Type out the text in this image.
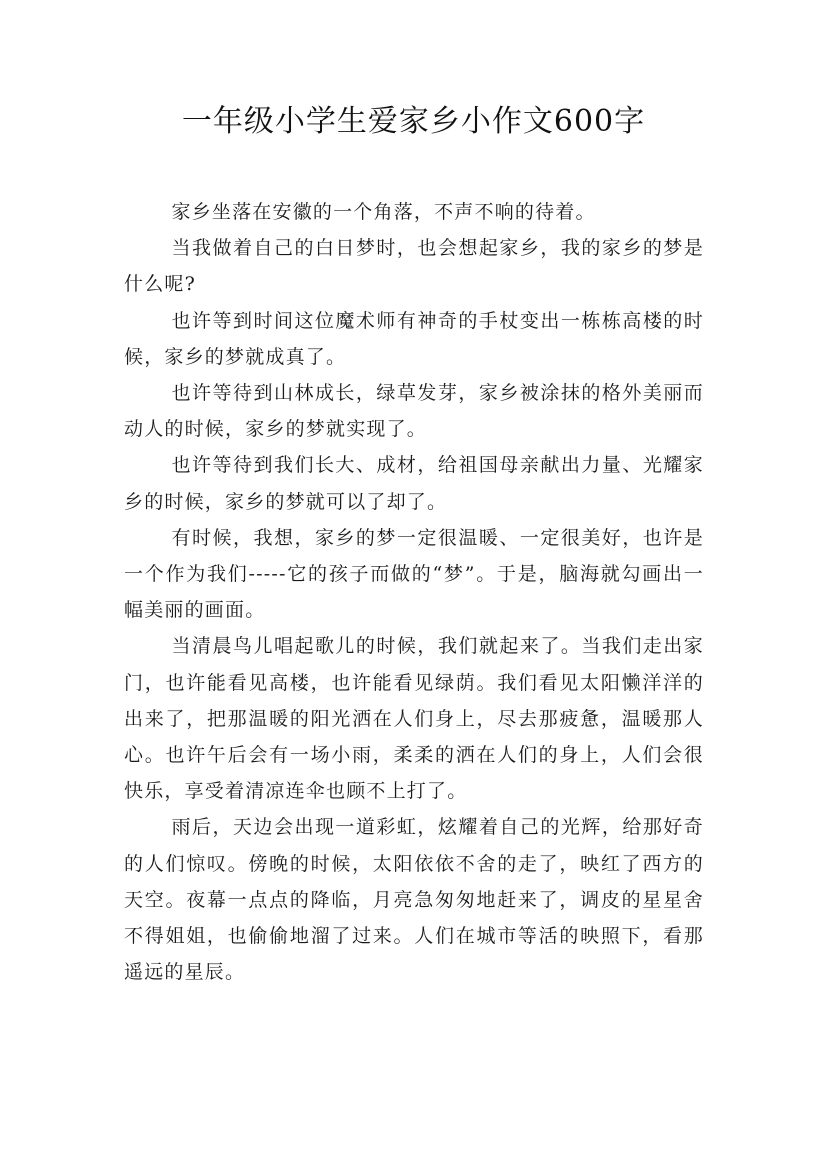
一年级小学生爱家乡小作文600字

家乡坐落在安徽的一个角落，不声不响的待着。

当我做着自己的白日梦时，也会想起家乡，我的家乡的梦是什么呢?

也许等到时间这位魔术师有神奇的手杖变出一栋栋高楼的时候，家乡的梦就成真了。

也许等待到山林成长，绿草发芽，家乡被涂抹的格外美丽而动人的时候，家乡的梦就实现了。

也许等待到我们长大、成材，给祖国母亲献出力量、光耀家乡的时候，家乡的梦就可以了却了。

有时候，我想，家乡的梦一定很温暖、一定很美好，也许是一个作为我们-----它的孩子而做的“梦”。于是，脑海就勾画出一幅美丽的画面。

当清晨鸟儿唱起歌儿的时候，我们就起来了。当我们走出家门，也许能看见高楼，也许能看见绿荫。我们看见太阳懒洋洋的出来了，把那温暖的阳光洒在人们身上，尽去那疲惫，温暖那人心。也许午后会有一场小雨，柔柔的洒在人们的身上，人们会很快乐，享受着清凉连伞也顾不上打了。

雨后，天边会出现一道彩虹，炫耀着自己的光辉，给那好奇的人们惊叹。傍晚的时候，太阳依依不舍的走了，映红了西方的天空。夜幕一点点的降临，月亮急匆匆地赶来了，调皮的星星舍不得姐姐，也偷偷地溜了过来。人们在城市等活的映照下，看那遥远的星辰。
